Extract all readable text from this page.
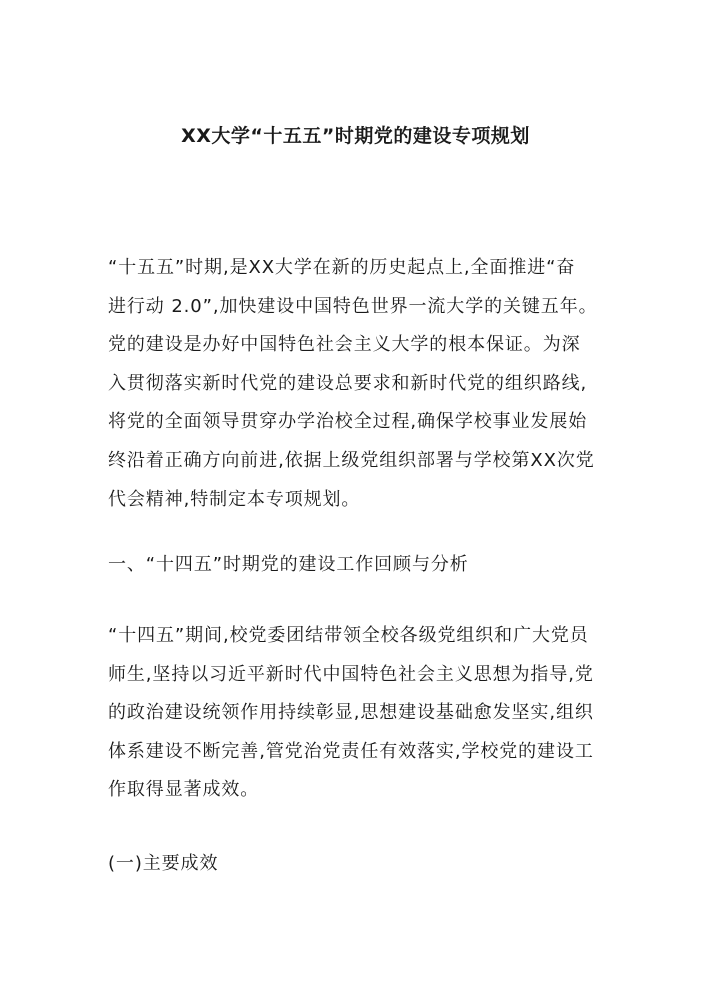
XX大学“十五五”时期党的建设专项规划
“十五五”时期,是XX大学在新的历史起点上,全面推进“奋
进行动 2.0”,加快建设中国特色世界一流大学的关键五年。
党的建设是办好中国特色社会主义大学的根本保证。为深
入贯彻落实新时代党的建设总要求和新时代党的组织路线,
将党的全面领导贯穿办学治校全过程,确保学校事业发展始
终沿着正确方向前进,依据上级党组织部署与学校第XX次党
代会精神,特制定本专项规划。
一、“十四五”时期党的建设工作回顾与分析
“十四五”期间,校党委团结带领全校各级党组织和广大党员
师生,坚持以习近平新时代中国特色社会主义思想为指导,党
的政治建设统领作用持续彰显,思想建设基础愈发坚实,组织
体系建设不断完善,管党治党责任有效落实,学校党的建设工
作取得显著成效。
(一)主要成效
